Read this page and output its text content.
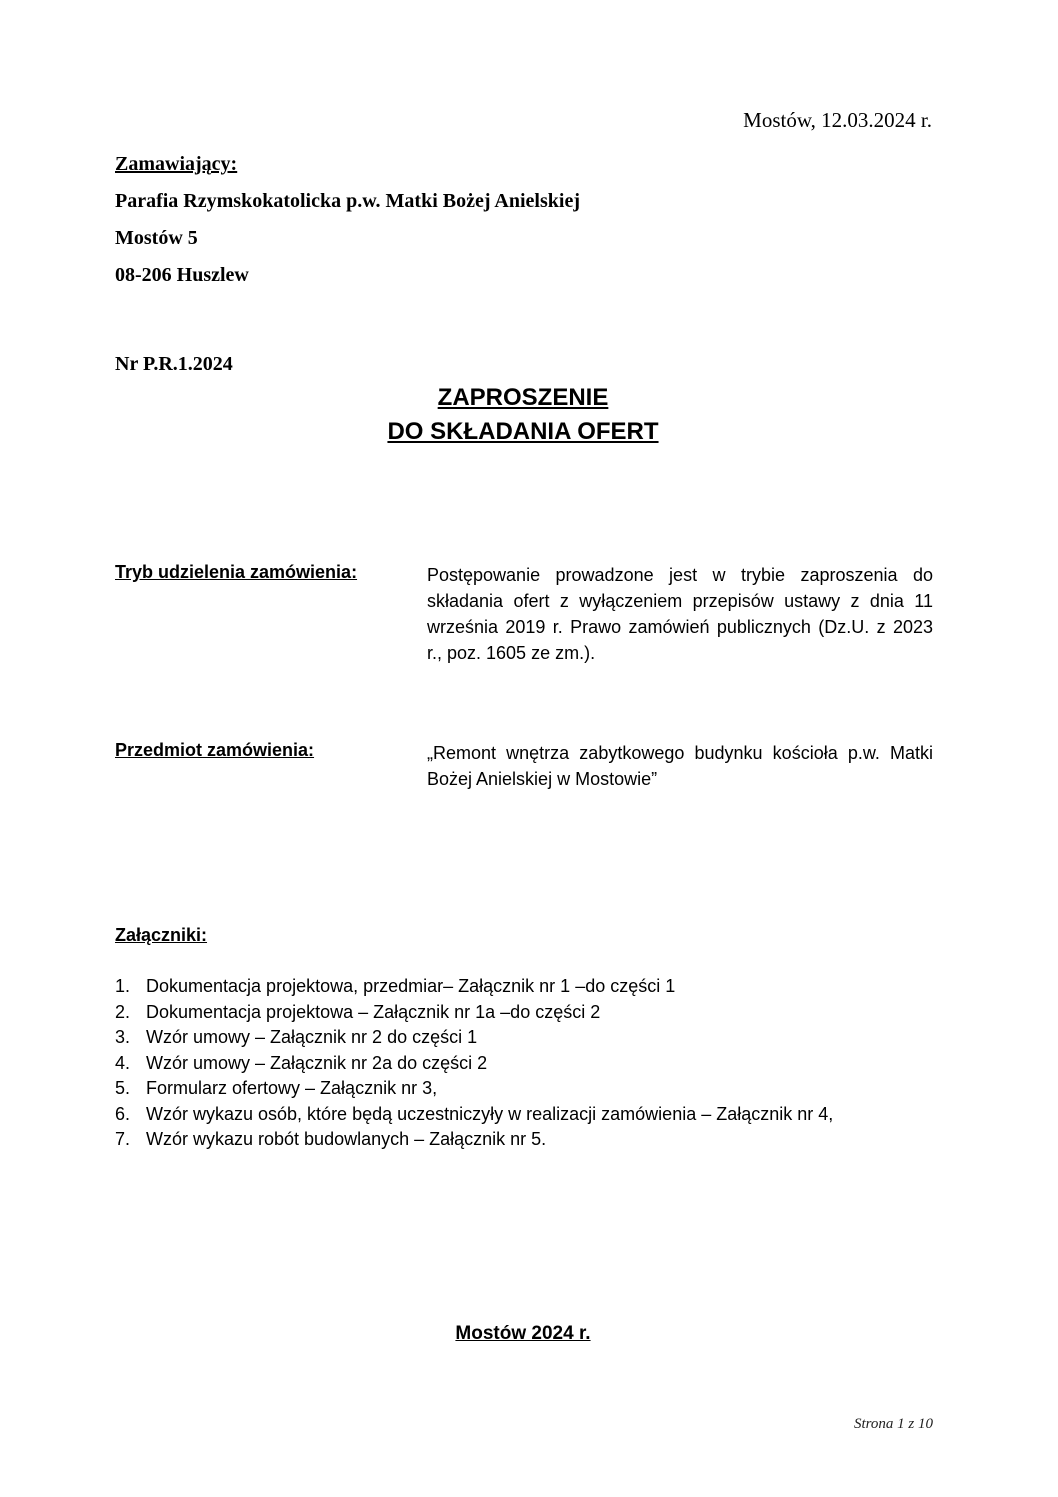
Mostów, 12.03.2024 r.
Zamawiający:
Parafia Rzymskokatolicka p.w. Matki Bożej Anielskiej
Mostów 5
08-206 Huszlew
Nr P.R.1.2024
ZAPROSZENIE
DO SKŁADANIA OFERT
Tryb udzielenia zamówienia:	Postępowanie prowadzone jest w trybie zaproszenia do składania ofert z wyłączeniem przepisów ustawy z dnia 11 września 2019 r. Prawo zamówień publicznych (Dz.U. z 2023 r., poz. 1605 ze zm.).
Przedmiot zamówienia:	„Remont wnętrza zabytkowego budynku kościoła p.w. Matki Bożej Anielskiej w Mostowie”
Załączniki:
1. Dokumentacja projektowa, przedmiar– Załącznik nr 1 –do części 1
2. Dokumentacja projektowa – Załącznik nr 1a –do części 2
3. Wzór umowy – Załącznik nr 2 do części 1
4. Wzór umowy – Załącznik nr 2a do części 2
5. Formularz ofertowy – Załącznik nr 3,
6. Wzór wykazu osób, które będą uczestniczyły w realizacji zamówienia – Załącznik nr 4,
7. Wzór wykazu robót budowlanych – Załącznik nr 5.
Mostów 2024 r.
Strona 1 z 10
